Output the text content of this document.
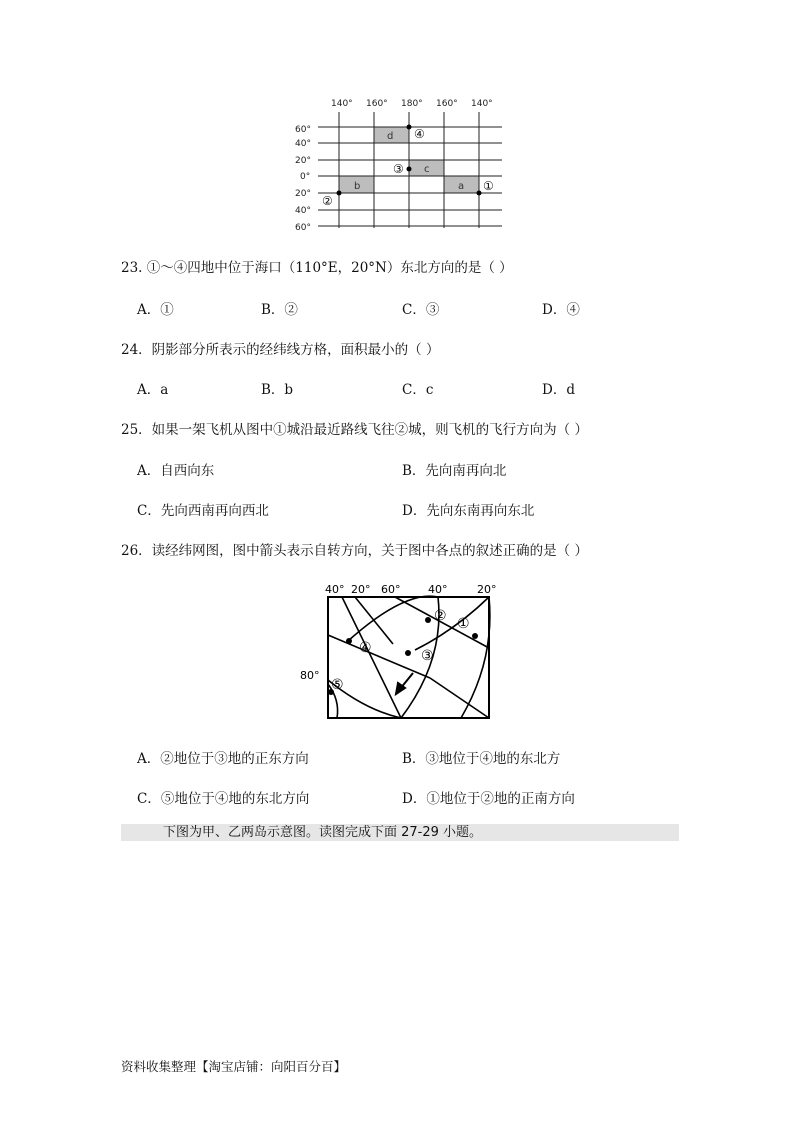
140° 160° 180° 160° 140°
60°
40°
20°
0°
20°
40°
60°
d
c
b	a
④
③
②
①
23. ①～④四地中位于海口（110°E，20°N）东北方向的是（ ）
A．①	B．②	C．③	D．④
24．阴影部分所表示的经纬线方格，面积最小的（ ）
A．a	B．b	C．c	D．d
25．如果一架飞机从图中①城沿最近路线飞往②城，则飞机的飞行方向为（ ）
A．自西向东	B．先向南再向北
C．先向西南再向西北	D．先向东南再向东北
26．读经纬网图，图中箭头表示自转方向，关于图中各点的叙述正确的是（ ）
40° 20° 60°	40°	20°
80°
② ①
④	③
⑤
A．②地位于③地的正东方向	B．③地位于④地的东北方
C．⑤地位于④地的东北方向	D．①地位于②地的正南方向
下图为甲、乙两岛示意图。读图完成下面 27-29 小题。
资料收集整理【淘宝店铺：向阳百分百】
